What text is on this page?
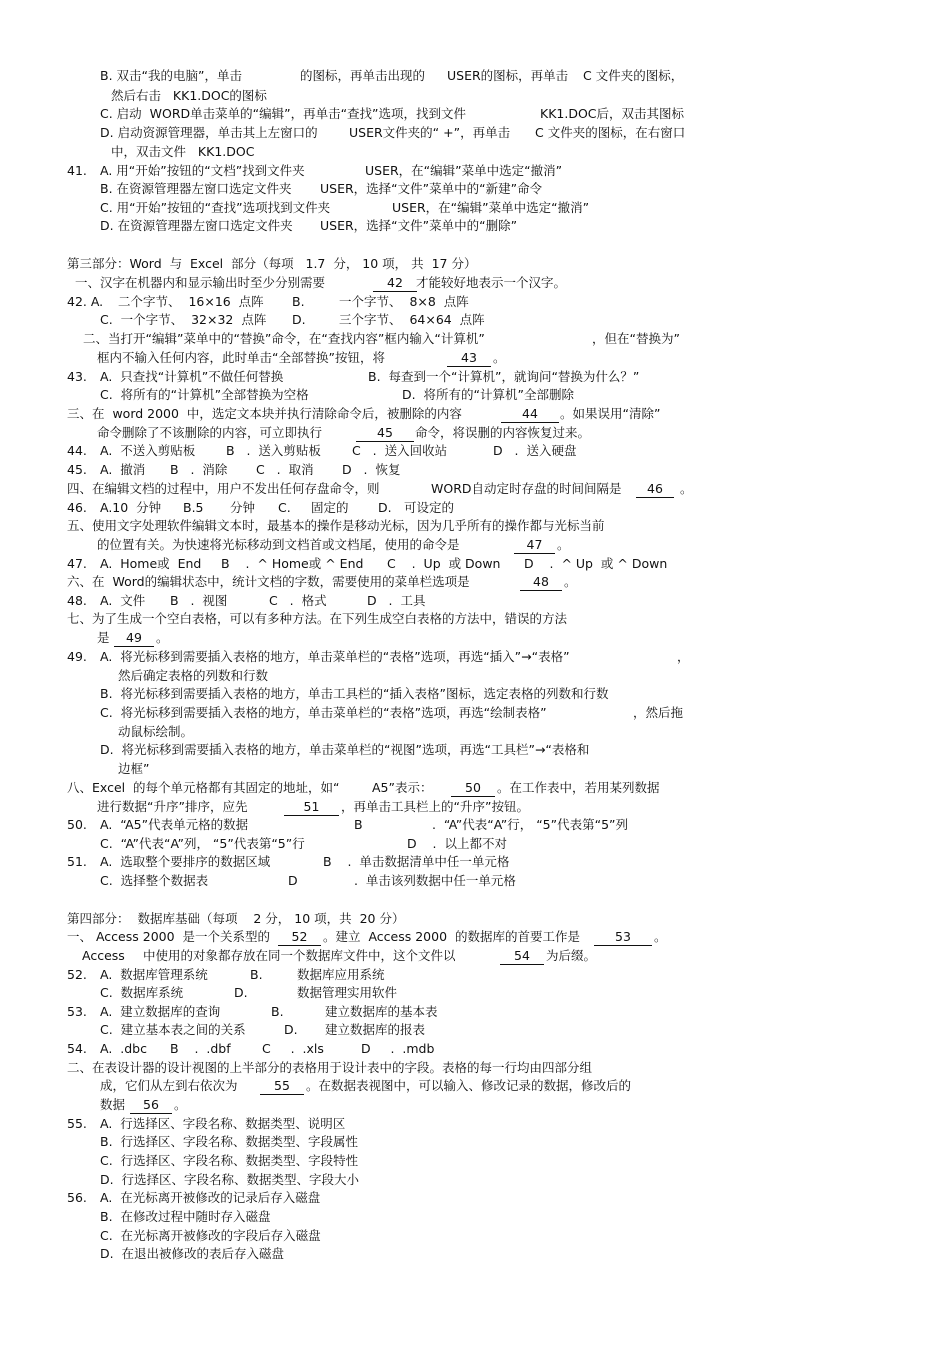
B. 双击“我的电脑”，单击	的图标，再单击出现的 USER的图标，再单击 C 文件夹的图标，
然后右击   KK1.DOC的图标
C. 启动  WORD单击菜单的“编辑”，再单击“查找”选项，找到文件	KK1.DOC后，双击其图标
D. 启动资源管理器，单击其上左窗口的	USER文件夹的“ +”，再单击 C 文件夹的图标，在右窗口
中，双击文件   KK1.DOC
41. A. 用“开始”按钮的“文档”找到文件夹	USER，在“编辑”菜单中选定“撤消”
B. 在资源管理器左窗口选定文件夹 USER，选择“文件”菜单中的“新建”命令
C. 用“开始”按钮的“查找”选项找到文件夹	USER，在“编辑”菜单中选定“撤消”
D. 在资源管理器左窗口选定文件夹 USER，选择“文件”菜单中的“删除”
第三部分：Word  与  Excel  部分（每项   1.7  分， 10 项， 共  17 分）
一、汉字在机器内和显示输出时至少分别需要	42	才能较好地表示一个汉字。
42. A. 二个字节、  16×16  点阵 B.	一个字节、  8×8  点阵
C.  一个字节、  32×32  点阵 D.	三个字节、  64×64  点阵
二、当打开“编辑”菜单中的“替换”命令，在“查找内容”框内输入“计算机”	，但在“替换为”
框内不输入任何内容，此时单击“全部替换”按钮，将	43	。
43. A.  只查找“计算机”不做任何替换	B.  每查到一个“计算机”，就询问“替换为什么？”
C.  将所有的“计算机”全部替换为空格	D.  将所有的“计算机”全部删除
三、在  word 2000  中，选定文本块并执行清除命令后，被删除的内容	44	。如果误用“清除”
命令删除了不该删除的内容，可立即执行	45	命令，将误删的内容恢复过来。
44. A.  不送入剪贴板 B   .  送入剪贴板 C   .  送入回收站	D   .  送入硬盘
45. A.  撤消 B   .  消除 C   .  取消 D   .  恢复
四、在编辑文档的过程中，用户不发出任何存盘命令，则	WORD自动定时存盘的时间间隔是	46	。
46. A.10  分钟 B.5 分钟 C. 固定的 D. 可设定的
五、使用文字处理软件编辑文本时，最基本的操作是移动光标，因为几乎所有的操作都与光标当前
的位置有关。为快速将光标移动到文档首或文档尾，使用的命令是	47	。
47. A.  Home或  End B    .  ^ Home或 ^ End C    .  Up  或 Down D    .  ^ Up  或 ^ Down
六、在  Word的编辑状态中，统计文档的字数，需要使用的菜单栏选项是	48	。
48. A.  文件 B   .  视图	C   .  格式	D   .  工具
七、为了生成一个空白表格，可以有多种方法。在下列生成空白表格的方法中，错误的方法
是	49	。
49. A.  将光标移到需要插入表格的地方，单击菜单栏的“表格”选项，再选“插入”→“表格”	，
然后确定表格的列数和行数
B.  将光标移到需要插入表格的地方，单击工具栏的“插入表格”图标，选定表格的列数和行数
C.  将光标移到需要插入表格的地方，单击菜单栏的“表格”选项，再选“绘制表格”	，然后拖
动鼠标绘制。
D.  将光标移到需要插入表格的地方，单击菜单栏的“视图”选项，再选“工具栏”→“表格和
边框”
八、Excel  的每个单元格都有其固定的地址，如“	A5”表示：	50	。在工作表中，若用某列数据
进行数据“升序”排序，应先	51	，再单击工具栏上的“升序”按钮。
50. A.  “A5”代表单元格的数据	B	.  “A”代表“A”行， “5”代表第“5”列
C.  “A”代表“A”列， “5”代表第“5”行	D    .  以上都不对
51. A.  选取整个要排序的数据区域	B    .  单击数据清单中任一单元格
C.  选择整个数据表	D	.  单击该列数据中任一单元格
第四部分：  数据库基础（每项    2 分， 10 项，共  20 分）
一、 Access 2000  是一个关系型的	52	。建立  Access 2000  的数据库的首要工作是	53	。
Access 中使用的对象都存放在同一个数据库文件中，这个文件以	54	为后缀。
52. A.  数据库管理系统	B.	数据库应用系统
C.  数据库系统	D.	数据管理实用软件
53. A.  建立数据库的查询	B.	建立数据库的基本表
C.  建立基本表之间的关系	D. 建立数据库的报表
54. A.  .dbc B    .  .dbf	C     .  .xls	D     .  .mdb
二、在表设计器的设计视图的上半部分的表格用于设计表中的字段。表格的每一行均由四部分组
成，它们从左到右依次为	55	。在数据表视图中，可以输入、修改记录的数据，修改后的
数据	56	。
55. A.  行选择区、字段名称、数据类型、说明区
B.  行选择区、字段名称、数据类型、字段属性
C.  行选择区、字段名称、数据类型、字段特性
D.  行选择区、字段名称、数据类型、字段大小
56. A.  在光标离开被修改的记录后存入磁盘
B.  在修改过程中随时存入磁盘
C.  在光标离开被修改的字段后存入磁盘
D.  在退出被修改的表后存入磁盘
